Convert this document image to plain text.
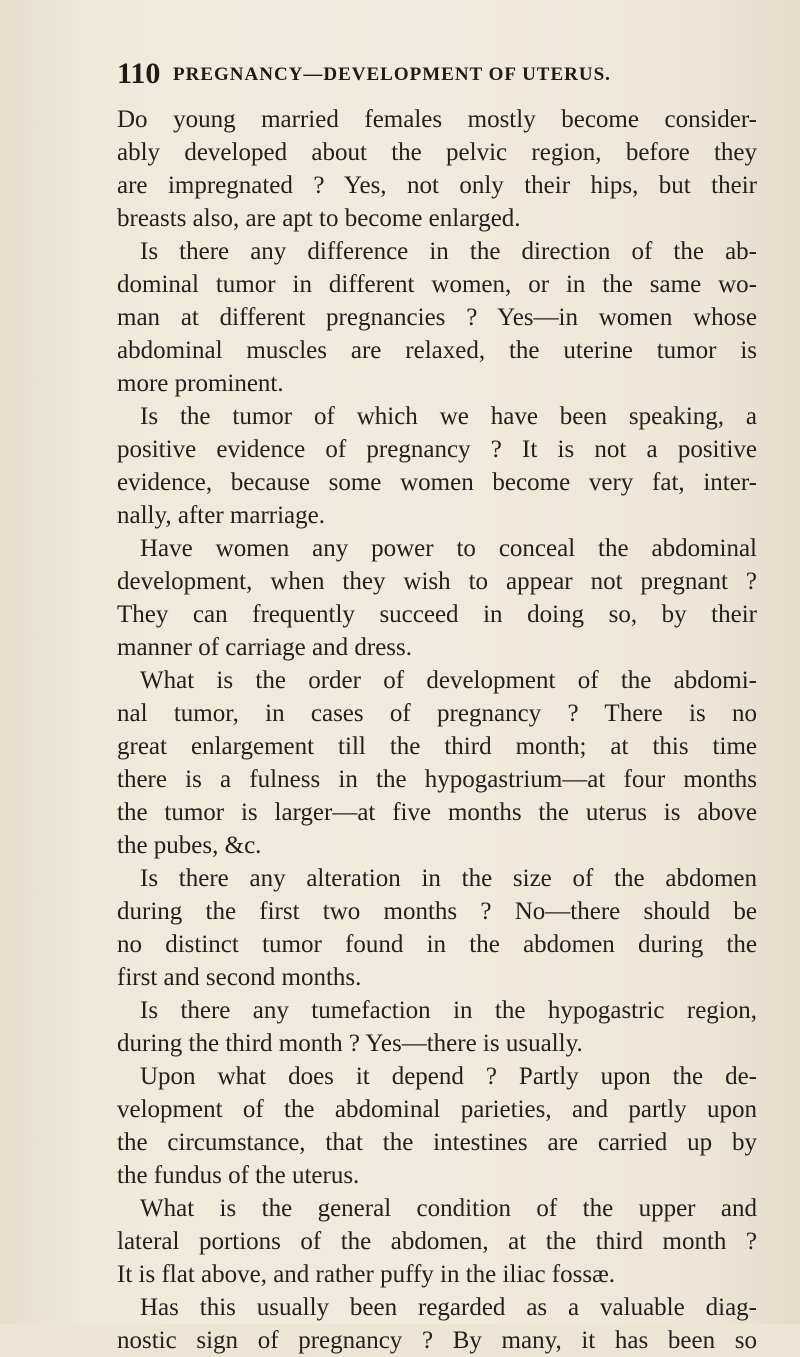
110 PREGNANCY—DEVELOPMENT OF UTERUS.

Do young married females mostly become consider-
ably developed about the pelvic region, before they
are impregnated ? Yes, not only their hips, but their
breasts also, are apt to become enlarged.

Is there any difference in the direction of the ab-
dominal tumor in different women, or in the same wo-
man at different pregnancies ? Yes—in women whose
abdominal muscles are relaxed, the uterine tumor is
more prominent.

Is the tumor of which we have been speaking, a
positive evidence of pregnancy ? It is not a positive
evidence, because some women become very fat, inter-
nally, after marriage.

Have women any power to conceal the abdominal
development, when they wish to appear not pregnant ?
They can frequently succeed in doing so, by their
manner of carriage and dress.

What is the order of development of the abdomi-
nal tumor, in cases of pregnancy ? There is no
great enlargement till the third month; at this time
there is a fulness in the hypogastrium—at four months
the tumor is larger—at five months the uterus is above
the pubes, &c.

Is there any alteration in the size of the abdomen
during the first two months ? No—there should be
no distinct tumor found in the abdomen during the
first and second months.

Is there any tumefaction in the hypogastric region,
during the third month ? Yes—there is usually.

Upon what does it depend ? Partly upon the de-
velopment of the abdominal parieties, and partly upon
the circumstance, that the intestines are carried up by
the fundus of the uterus.

What is the general condition of the upper and
lateral portions of the abdomen, at the third month ?
It is flat above, and rather puffy in the iliac fossæ.

Has this usually been regarded as a valuable diag-
nostic sign of pregnancy ? By many, it has been so
